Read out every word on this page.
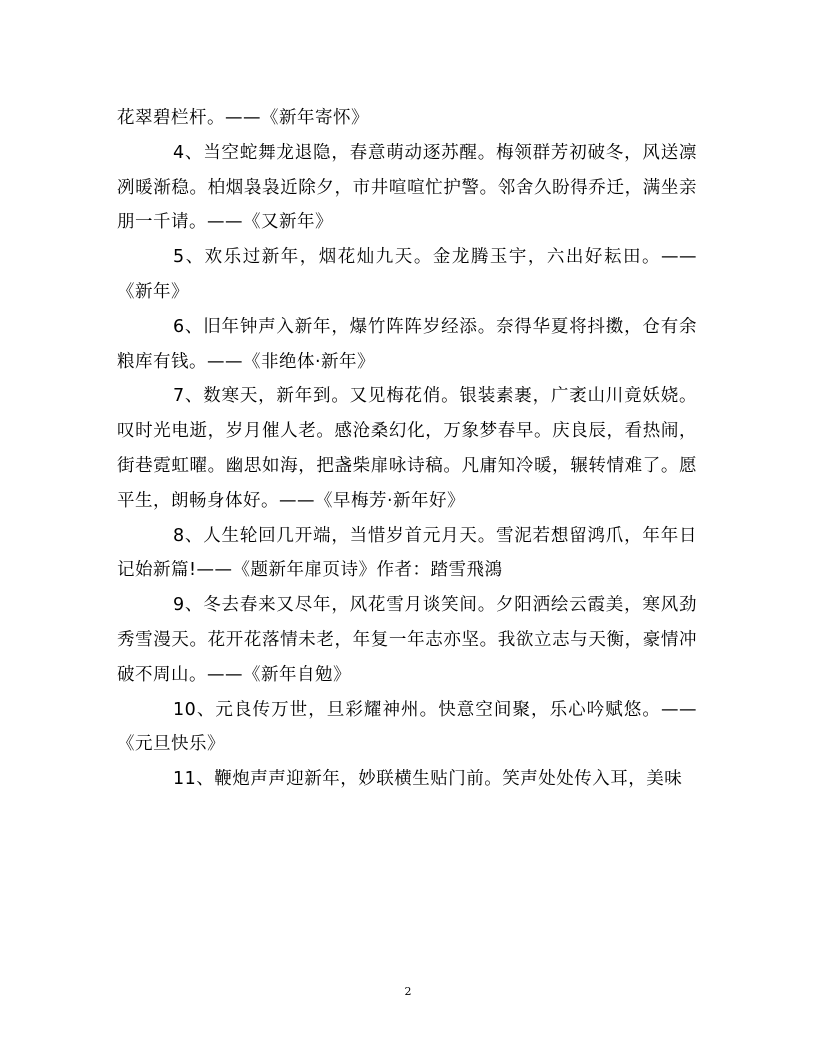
花翠碧栏杆。——《新年寄怀》

4、当空蛇舞龙退隐，春意萌动逐苏醒。梅领群芳初破冬，风送凛冽暖渐稳。柏烟袅袅近除夕，市井喧喧忙护警。邻舍久盼得乔迁，满坐亲朋一千请。——《又新年》

5、欢乐过新年，烟花灿九天。金龙腾玉宇，六出好耘田。——《新年》

6、旧年钟声入新年，爆竹阵阵岁经添。奈得华夏将抖擞，仓有余粮库有钱。——《非绝体·新年》

7、数寒天，新年到。又见梅花俏。银装素裹，广袤山川竟妖娆。叹时光电逝，岁月催人老。感沧桑幻化，万象梦春早。庆良辰，看热闹，街巷霓虹曜。幽思如海，把盏柴扉咏诗稿。凡庸知冷暖，辗转情难了。愿平生，朗畅身体好。——《早梅芳·新年好》

8、人生轮回几开端，当惜岁首元月天。雪泥若想留鸿爪，年年日记始新篇!——《题新年扉页诗》作者：踏雪飛鴻

9、冬去春来又尽年，风花雪月谈笑间。夕阳洒绘云霞美，寒风劲秀雪漫天。花开花落情未老，年复一年志亦坚。我欲立志与天衡，豪情冲破不周山。——《新年自勉》

10、元良传万世，旦彩耀神州。快意空间聚，乐心吟赋悠。——《元旦快乐》

11、鞭炮声声迎新年，妙联横生贴门前。笑声处处传入耳，美味

2
